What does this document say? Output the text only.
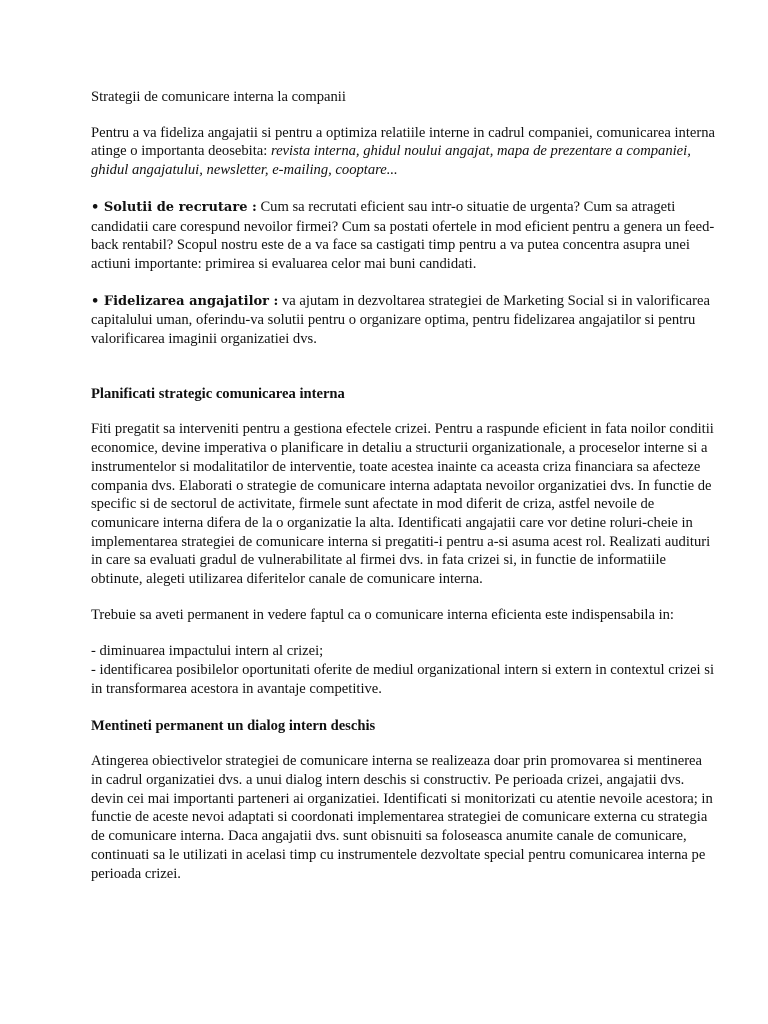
Strategii de comunicare interna la companii

Pentru a va fideliza angajatii si pentru a optimiza relatiile interne in cadrul companiei, comunicarea interna atinge o importanta deosebita: revista interna, ghidul noului angajat, mapa de prezentare a companiei, ghidul angajatului, newsletter, e-mailing, cooptare...

• Solutii de recrutare : Cum sa recrutati eficient sau intr-o situatie de urgenta? Cum sa atrageti candidatii care corespund nevoilor firmei? Cum sa postati ofertele in mod eficient pentru a genera un feed-back rentabil? Scopul nostru este de a va face sa castigati timp pentru a va putea concentra asupra unei actiuni importante: primirea si evaluarea celor mai buni candidati.

• Fidelizarea angajatilor : va ajutam in dezvoltarea strategiei de Marketing Social si in valorificarea capitalului uman, oferindu-va solutii pentru o organizare optima, pentru fidelizarea angajatilor si pentru valorificarea imaginii organizatiei dvs.

Planificati strategic comunicarea interna

Fiti pregatit sa interveniti pentru a gestiona efectele crizei. Pentru a raspunde eficient in fata noilor conditii economice, devine imperativa o planificare in detaliu a structurii organizationale, a proceselor interne si a instrumentelor si modalitatilor de interventie, toate acestea inainte ca aceasta criza financiara sa afecteze compania dvs. Elaborati o strategie de comunicare interna adaptata nevoilor organizatiei dvs. In functie de specific si de sectorul de activitate, firmele sunt afectate in mod diferit de criza, astfel nevoile de comunicare interna difera de la o organizatie la alta. Identificati angajatii care vor detine roluri-cheie in implementarea strategiei de comunicare interna si pregatiti-i pentru a-si asuma acest rol. Realizati audituri in care sa evaluati gradul de vulnerabilitate al firmei dvs. in fata crizei si, in functie de informatiile obtinute, alegeti utilizarea diferitelor canale de comunicare interna.

Trebuie sa aveti permanent in vedere faptul ca o comunicare interna eficienta este indispensabila in:

- diminuarea impactului intern al crizei;
- identificarea posibilelor oportunitati oferite de mediul organizational intern si extern in contextul crizei si in transformarea acestora in avantaje competitive.

Mentineti permanent un dialog intern deschis

Atingerea obiectivelor strategiei de comunicare interna se realizeaza doar prin promovarea si mentinerea in cadrul organizatiei dvs. a unui dialog intern deschis si constructiv. Pe perioada crizei, angajatii dvs. devin cei mai importanti parteneri ai organizatiei. Identificati si monitorizati cu atentie nevoile acestora; in functie de aceste nevoi adaptati si coordonati implementarea strategiei de comunicare externa cu strategia de comunicare interna. Daca angajatii dvs. sunt obisnuiti sa foloseasca anumite canale de comunicare, continuati sa le utilizati in acelasi timp cu instrumentele dezvoltate special pentru comunicarea interna pe perioada crizei.
